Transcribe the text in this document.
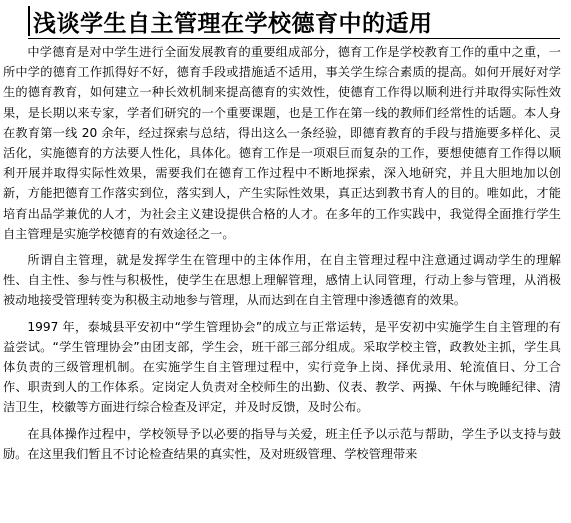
浅谈学生自主管理在学校德育中的适用

中学德育是对中学生进行全面发展教育的重要组成部分，德育工作是学校教育工作的重中之重，一所中学的德育工作抓得好不好，德育手段或措施适不适用，事关学生综合素质的提高。如何开展好对学生的德育教育，如何建立一种长效机制来提高德育的实效性，使德育工作得以顺利进行并取得实际性效果，是长期以来专家，学者们研究的一个重要课题，也是工作在第一线的教师们经常性的话题。本人身在教育第一线 20 余年，经过探索与总结，得出这么一条经验，即德育教育的手段与措施要多样化、灵活化，实施德育的方法要人性化，具体化。德育工作是一项艰巨而复杂的工作，要想使德育工作得以顺利开展并取得实际性效果，需要我们在德育工作过程中不断地探索，深入地研究，并且大胆地加以创新，方能把德育工作落实到位，落实到人，产生实际性效果，真正达到教书育人的目的。唯如此，才能培育出品学兼优的人才，为社会主义建设提供合格的人才。在多年的工作实践中，我觉得全面推行学生自主管理是实施学校德育的有效途径之一。

所谓自主管理，就是发挥学生在管理中的主体作用，在自主管理过程中注意通过调动学生的理解性、自主性、参与性与积极性，使学生在思想上理解管理，感情上认同管理，行动上参与管理，从消极被动地接受管理转变为积极主动地参与管理，从而达到在自主管理中渗透德育的效果。

1997 年，泰城县平安初中“学生管理协会”的成立与正常运转，是平安初中实施学生自主管理的有益尝试。“学生管理协会”由团支部，学生会，班干部三部分组成。采取学校主管，政教处主抓，学生具体负责的三级管理机制。在实施学生自主管理过程中，实行竞争上岗、择优录用、轮流值日、分工合作、职责到人的工作体系。定岗定人负责对全校师生的出勤、仪表、教学、两操、午休与晚睡纪律、清洁卫生，校徽等方面进行综合检查及评定，并及时反馈，及时公布。

在具体操作过程中，学校领导予以必要的指导与关爱，班主任予以示范与帮助，学生予以支持与鼓励。在这里我们暂且不讨论检查结果的真实性，及对班级管理、学校管理带来
